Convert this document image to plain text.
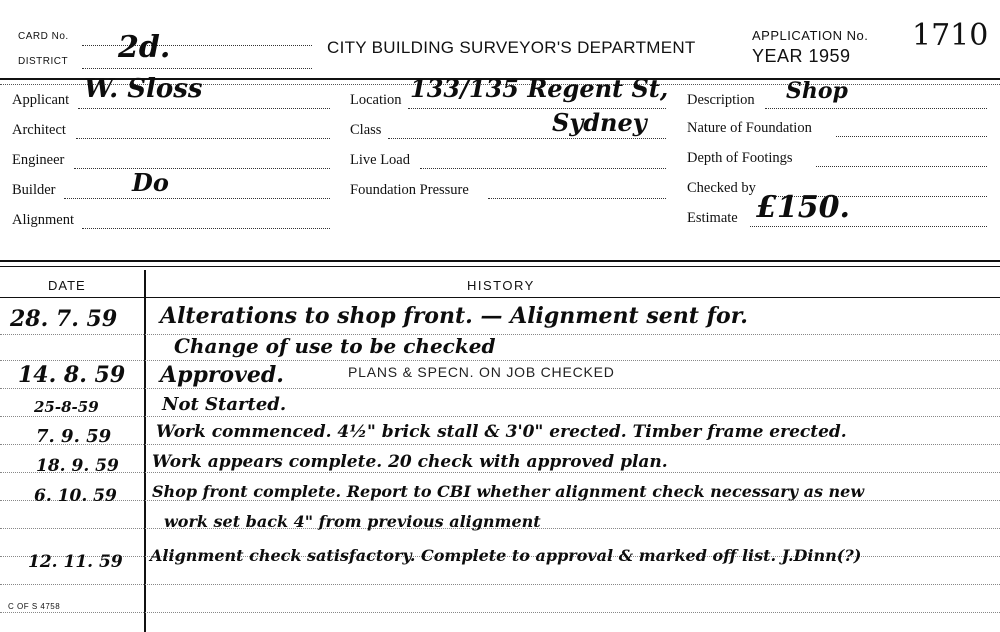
CARD No.
DISTRICT 2d.	CITY BUILDING SURVEYOR'S DEPARTMENT
APPLICATION No. 1710
YEAR 1959
Applicant W. Sloss
Architect
Engineer
Builder	Do
Alignment
Location 133/135 Regent St,
Class	Sydney
Live Load
Foundation Pressure
Description Shop
Nature of Foundation
Depth of Footings
Checked by
Estimate £150.
DATE	HISTORY
28. 7. 59 Alterations to shop front. — Alignment sent for.
Change of use to be checked
14. 8. 59 Approved.	PLANS & SPECN. ON JOB CHECKED
25-8-59	Not Started.
7. 9. 59	Work commenced. 4½" brick stall & 3'0" erected. Timber frame erected.
18. 9. 59 Work appears complete. 20 check with approved plan.
6. 10. 59 Shop front complete. Report to CBI whether alignment check necessary as new
work set back 4" from previous alignment
12. 11. 59 Alignment check satisfactory. Complete to approval & marked off list. J.Dinn(?)
C OF S 4758
